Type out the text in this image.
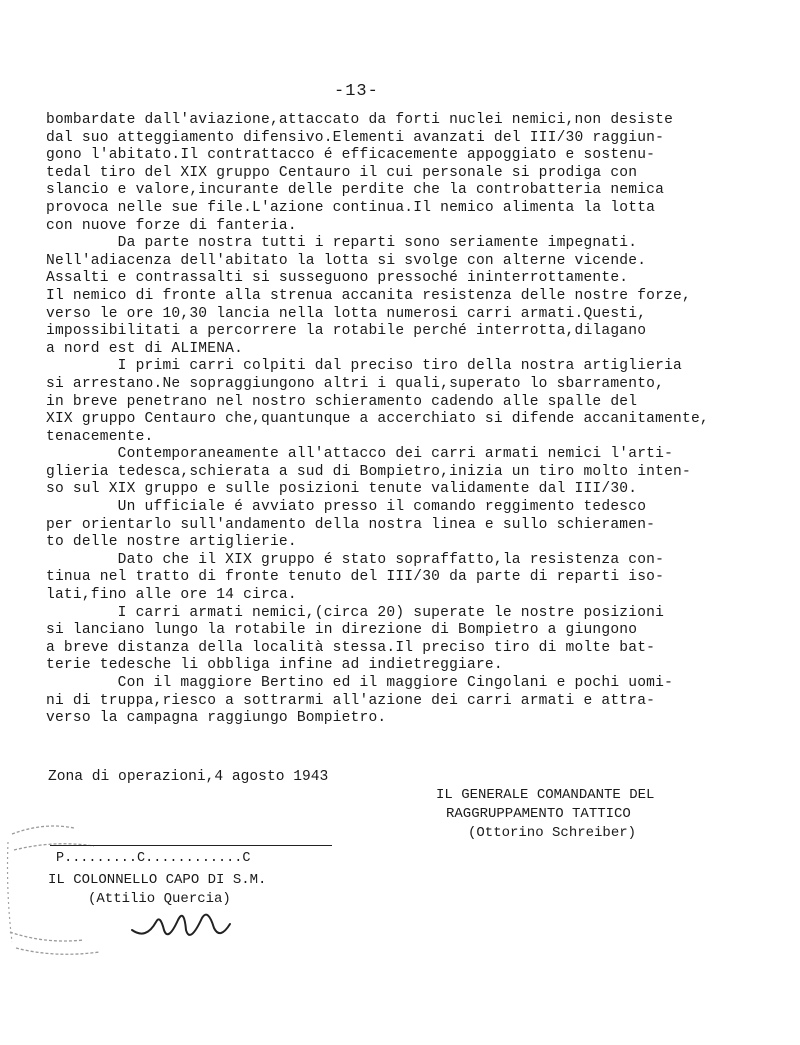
-13-
bombardate dall'aviazione,attaccato da forti nuclei nemici,non desiste
dal suo atteggiamento difensivo.Elementi avanzati del III/30 raggiun-
gono l'abitato.Il contrattacco é efficacemente appoggiato e sostenu-
tedal tiro del XIX gruppo Centauro il cui personale si prodiga con
slancio e valore,incurante delle perdite che la controbatteria nemica
provoca nelle sue file.L'azione continua.Il nemico alimenta la lotta
con nuove forze di fanteria.
Da parte nostra tutti i reparti sono seriamente impegnati.
Nell'adiacenza dell'abitato la lotta si svolge con alterne vicende.
Assalti e contrassalti si susseguono pressoché ininterrottamente.
Il nemico di fronte alla strenua accanita resistenza delle nostre forze,
verso le ore 10,30 lancia nella lotta numerosi carri armati.Questi,
impossibilitati a percorrere la rotabile perché interrotta,dilagano
a nord est di ALIMENA.
I primi carri colpiti dal preciso tiro della nostra artiglieria
si arrestano.Ne sopraggiungono altri i quali,superato lo sbarramento,
in breve penetrano nel nostro schieramento cadendo alle spalle del
XIX gruppo Centauro che,quantunque a accerchiato si difende accanitamente,
tenacemente.
Contemporaneamente all'attacco dei carri armati nemici l'arti-
glieria tedesca,schierata a sud di Bompietro,inizia un tiro molto inten-
so sul XIX gruppo e sulle posizioni tenute validamente dal III/30.
Un ufficiale é avviato presso il comando reggimento tedesco
per orientarlo sull'andamento della nostra linea e sullo schieramen-
to delle nostre artiglierie.
Dato che il XIX gruppo é stato sopraffatto,la resistenza con-
tinua nel tratto di fronte tenuto del III/30 da parte di reparti iso-
lati,fino alle ore 14 circa.
I carri armati nemici,(circa 20) superate le nostre posizioni
si lanciano lungo la rotabile in direzione di Bompietro a giungono
a breve distanza della località stessa.Il preciso tiro di molte bat-
terie tedesche li obbliga infine ad indietreggiare.
Con il maggiore Bertino ed il maggiore Cingolani e pochi uomi-
ni di truppa,riesco a sottrarmi all'azione dei carri armati e attra-
verso la campagna raggiungo Bompietro.
Zona di operazioni,4 agosto 1943
IL GENERALE COMANDANTE DEL
RAGGRUPPAMENTO TATTICO
(Ottorino Schreiber)
P.........C............C
IL COLONNELLO CAPO DI S.M.
(Attilio Quercia)
